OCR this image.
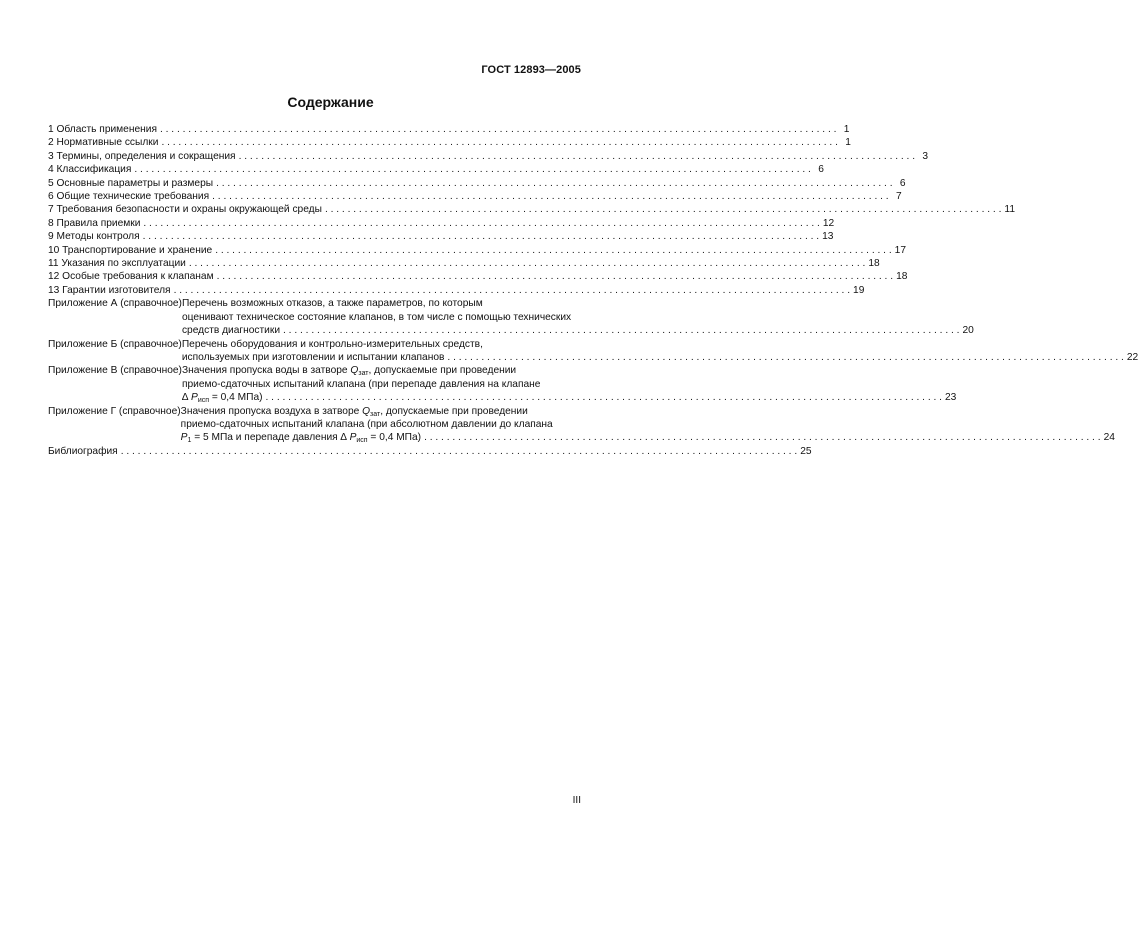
ГОСТ 12893—2005
Содержание
1 Область применения . . .	1
2 Нормативные ссылки . . .	1
3 Термины, определения и сокращения . . .	3
4 Классификация . . .	6
5 Основные параметры и размеры . . .	6
6 Общие технические требования . . .	7
7 Требования безопасности и охраны окружающей среды . . .	11
8 Правила приемки . . .	12
9 Методы контроля . . .	13
10 Транспортирование и хранение . . .	17
11 Указания по эксплуатации . . .	18
12 Особые требования к клапанам . . .	18
13 Гарантии изготовителя . . .	19
Приложение А (справочное) Перечень возможных отказов, а также параметров, по которым
оценивают техническое состояние клапанов, в том числе с помощью технических
средств диагностики . . .	20
Приложение Б (справочное) Перечень оборудования и контрольно-измерительных средств,
используемых при изготовлении и испытании клапанов . . .	22
Приложение В (справочное) Значения пропуска воды в затворе $Q_{зат}$, допускаемые при проведении
приемо-сдаточных испытаний клапана (при перепаде давления на клапане
∆ $P_{исп} = 0,4$ МПа) . . .	23
Приложение Г (справочное) Значения пропуска воздуха в затворе $Q_{зат}$, допускаемые при проведении
приемо-сдаточных испытаний клапана (при абсолютном давлении до клапана
$P_1 = 5$ МПа и перепаде давления ∆ $P_{исп} = 0,4$ МПа) . . .	24
Библиография . . .	25
III
